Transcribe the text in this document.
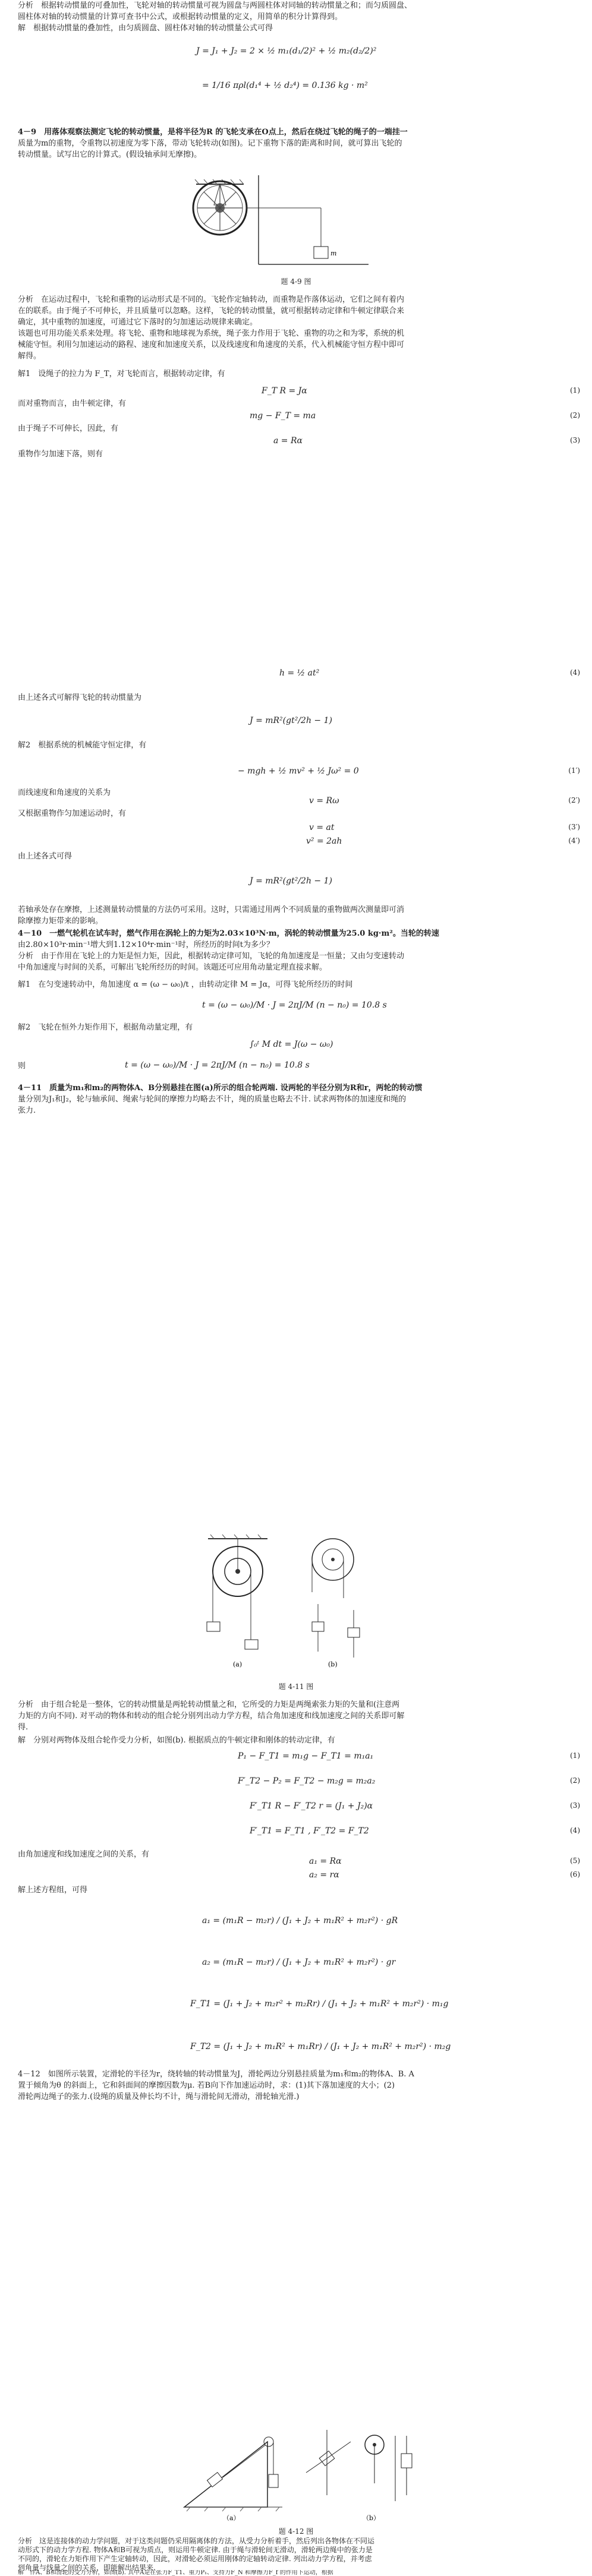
分析　根据转动惯量的可叠加性，飞轮对轴的转动惯量可视为圆盘与两圆柱体对同轴的转动惯量之和；而匀质圆盘、

圆柱体对轴的转动惯量的计算可查书中公式，或根据转动惯量的定义，用简单的积分计算得到。

解　根据转动惯量的叠加性，由匀质圆盘、圆柱体对轴的转动惯量公式可得

J = J₁ + J₂ = 2 × ½ m₁(d₁/2)² + ½ m₂(d₂/2)²
= 1/16 πρl(d₁⁴ + ½ d₂⁴) = 0.136 kg · m²

4－9　用落体观察法测定飞轮的转动惯量，是将半径为R 的飞轮支承在O点上，然后在绕过飞轮的绳子的一端挂一

质量为m的重物，令重物以初速度为零下落，带动飞轮转动(如图)。记下重物下落的距离和时间，就可算出飞轮的

转动惯量。试写出它的计算式。(假设轴承间无摩擦)。

m
题 4-9 图

分析　在运动过程中，飞轮和重物的运动形式是不同的。飞轮作定轴转动，而重物是作落体运动，它们之间有着内

在的联系。由于绳子不可伸长，并且质量可以忽略。这样，飞轮的转动惯量，就可根据转动定律和牛顿定律联合来

确定，其中重物的加速度，可通过它下落时的匀加速运动规律来确定。

该题也可用功能关系来处理。将飞轮、重物和地球视为系统，绳子张力作用于飞轮、重物的功之和为零，系统的机

械能守恒。利用匀加速运动的路程、速度和加速度关系，以及线速度和角速度的关系，代入机械能守恒方程中即可

解得。

解1　设绳子的拉力为 F_T，对飞轮而言，根据转动定律，有

F_T R = Jα	(1)

而对重物而言，由牛顿定律，有

mg − F_T = ma	(2)

由于绳子不可伸长，因此，有

a = Rα	(3)

重物作匀加速下落，则有

h = ½ at²	(4)

由上述各式可解得飞轮的转动惯量为

J = mR²(gt²/2h − 1)

解2　根据系统的机械能守恒定律，有

− mgh + ½ mv² + ½ Jω² = 0	(1′)

而线速度和角速度的关系为

v = Rω	(2′)

又根据重物作匀加速运动时，有

v = at	(3′)
v² = 2ah	(4′)

由上述各式可得

J = mR²(gt²/2h − 1)

若轴承处存在摩擦，上述测量转动惯量的方法仍可采用。这时，只需通过用两个不同质量的重物做两次测量即可消

除摩擦力矩带来的影响。

4－10　一燃气轮机在试车时，燃气作用在涡轮上的力矩为2.03×10³N·m，涡轮的转动惯量为25.0 kg·m²。当轮的转速

由2.80×10³r·min⁻¹增大到1.12×10⁴r·min⁻¹时，所经历的时间t为多少？

分析　由于作用在飞轮上的力矩是恒力矩，因此，根据转动定律可知，飞轮的角加速度是一恒量；又由匀变速转动

中角加速度与时间的关系，可解出飞轮所经历的时间。该题还可应用角动量定理直接求解。

解1　在匀变速转动中，角加速度 α = (ω − ω₀)/t ，由转动定律 M = Jα，可得飞轮所经历的时间

t = (ω − ω₀)/M · J = 2πJ/M (n − n₀) = 10.8 s

解2　飞轮在恒外力矩作用下，根据角动量定理，有

∫₀ᵗ M dt = J(ω − ω₀)

则	t = (ω − ω₀)/M · J = 2πJ/M (n − n₀) = 10.8 s

4－11　质量为m₁和m₂的两物体A、B分别悬挂在图(a)所示的组合轮两端. 设两轮的半径分别为R和r，两轮的转动惯

量分别为J₁和J₂，轮与轴承间、绳索与轮间的摩擦力均略去不计，绳的质量也略去不计. 试求两物体的加速度和绳的

张力.

(a)	(b)
题 4-11 图

分析　由于组合轮是一整体，它的转动惯量是两轮转动惯量之和，它所受的力矩是两绳索张力矩的矢量和(注意两

力矩的方向不同). 对平动的物体和转动的组合轮分别列出动力学方程，结合角加速度和线加速度之间的关系即可解

得.

解　分别对两物体及组合轮作受力分析，如图(b). 根据质点的牛顿定律和刚体的转动定律，有

P₁ − F_T1 = m₁g − F_T1 = m₁a₁	(1)
F′_T2 − P₂ = F_T2 − m₂g = m₂a₂	(2)
F′_T1 R − F′_T2 r = (J₁ + J₂)α	(3)
F′_T1 = F_T1 , F′_T2 = F_T2	(4)

由角加速度和线加速度之间的关系，有

a₁ = Rα	(5)
a₂ = rα	(6)

解上述方程组，可得

a₁ = (m₁R − m₂r) / (J₁ + J₂ + m₁R² + m₂r²) · gR
a₂ = (m₁R − m₂r) / (J₁ + J₂ + m₁R² + m₂r²) · gr
F_T1 = (J₁ + J₂ + m₂r² + m₂Rr) / (J₁ + J₂ + m₁R² + m₂r²) · m₁g
F_T2 = (J₁ + J₂ + m₁R² + m₁Rr) / (J₁ + J₂ + m₁R² + m₂r²) · m₂g

4－12　如图所示装置，定滑轮的半径为r，绕转轴的转动惯量为J，滑轮两边分别悬挂质量为m₁和m₂的物体A、B. A

置于倾角为θ 的斜面上，它和斜面间的摩擦因数为μ. 若B向下作加速运动时，求：(1)其下落加速度的大小；(2)

滑轮两边绳子的张力.(设绳的质量及伸长均不计，绳与滑轮间无滑动，滑轮轴光滑.)

（a）	（b）
题 4-12 图

分析　这是连接体的动力学问题，对于这类问题仍采用隔离体的方法，从受力分析着手，然后列出各物体在不同运

动形式下的动力学方程. 物体A和B可视为质点，则运用牛顿定律. 由于绳与滑轮间无滑动，滑轮两边绳中的张力是

不同的，滑轮在力矩作用下产生定轴转动，因此，对滑轮必须运用刚体的定轴转动定律. 列出动力学方程，并考虑

到角量与线量之间的关系，即能解出结果来.

解　作A、B和滑轮的受力分析，如图(b). 其中A是在张力F_T1、重力P₁、支持力F_N 和摩擦力F_f 的作用下运动，根据
